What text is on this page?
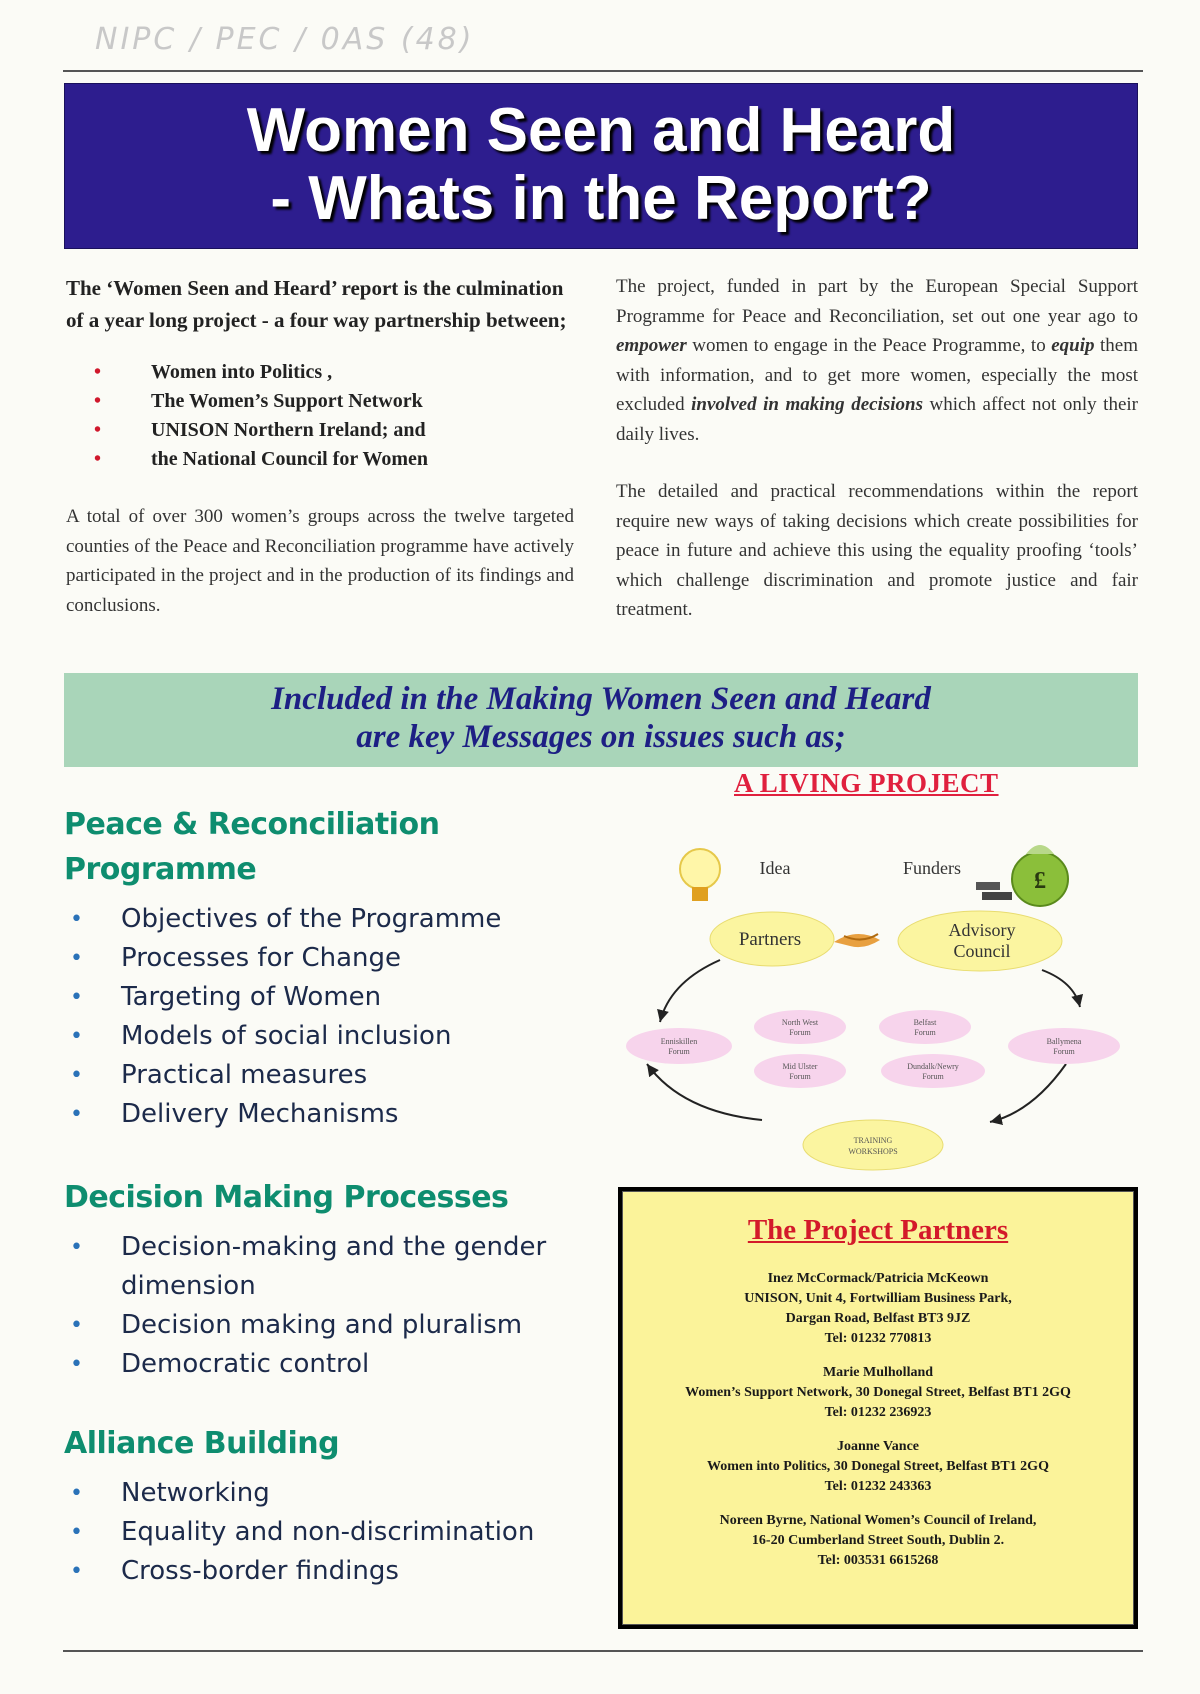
NIPC / PEC / 0AS (48)
Women Seen and Heard
- Whats in the Report?

The ‘Women Seen and Heard’ report is the culmination of a year long project - a four way partnership between;

• Women into Politics ,
• The Women’s Support Network
• UNISON Northern Ireland; and
• the National Council for Women

A total of over 300 women’s groups across the twelve targeted counties of the Peace and Reconciliation programme have actively participated in the project and in the production of its findings and conclusions.

The project, funded in part by the European Special Support Programme for Peace and Reconciliation, set out one year ago to empower women to engage in the Peace Programme, to equip them with information, and to get more women, especially the most excluded involved in making decisions which affect not only their daily lives.

The detailed and practical recommendations within the report require new ways of taking decisions which create possibilities for peace in future and achieve this using the equality proofing ‘tools’ which challenge discrimination and promote justice and fair treatment.

Included in the Making Women Seen and Heard

are key Messages on issues such as;

Peace & Reconciliation
Programme
• Objectives of the Programme
• Processes for Change
• Targeting of Women
• Models of social inclusion
• Practical measures
• Delivery Mechanisms
Decision Making Processes
• Decision-making and the gender dimension
• Decision making and pluralism
• Democratic control
Alliance Building
• Networking
• Equality and non-discrimination
• Cross-border findings
A LIVING PROJECT
Idea	Funders	£
Partners	Advisory
Council
North West
Forum
Belfast
Forum
Enniskillen
Forum
Ballymena
Forum
Mid Ulster
Forum
Dundalk/Newry
Forum
TRAINING
WORKSHOPS

The Project Partners

Inez McCormack/Patricia McKeown
UNISON, Unit 4, Fortwilliam Business Park,
Dargan Road, Belfast BT3 9JZ
Tel: 01232 770813

Marie Mulholland
Women’s Support Network, 30 Donegal Street, Belfast BT1 2GQ
Tel: 01232 236923

Joanne Vance
Women into Politics, 30 Donegal Street, Belfast BT1 2GQ
Tel: 01232 243363

Noreen Byrne, National Women’s Council of Ireland,
16-20 Cumberland Street South, Dublin 2.
Tel: 003531 6615268
